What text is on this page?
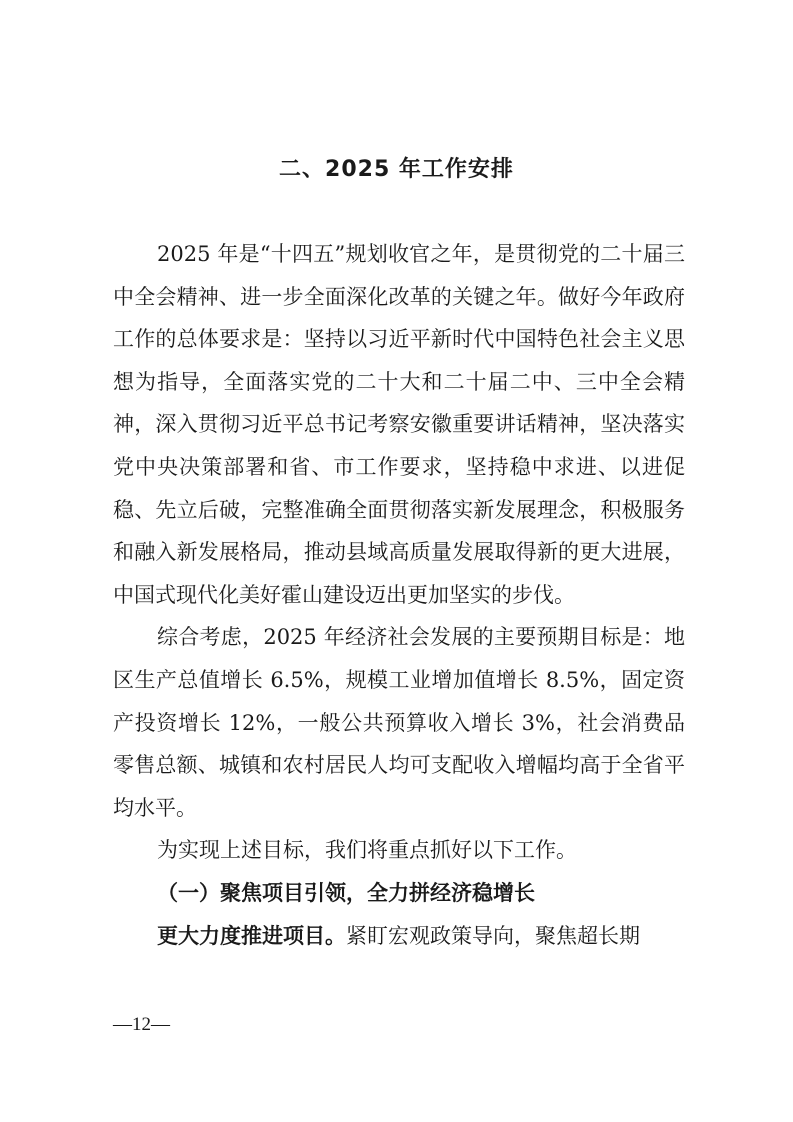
二、2025 年工作安排

2025 年是“十四五”规划收官之年，是贯彻党的二十届三中全会精神、进一步全面深化改革的关键之年。做好今年政府工作的总体要求是：坚持以习近平新时代中国特色社会主义思想为指导，全面落实党的二十大和二十届二中、三中全会精神，深入贯彻习近平总书记考察安徽重要讲话精神，坚决落实党中央决策部署和省、市工作要求，坚持稳中求进、以进促稳、先立后破，完整准确全面贯彻落实新发展理念，积极服务和融入新发展格局，推动县域高质量发展取得新的更大进展，中国式现代化美好霍山建设迈出更加坚实的步伐。

综合考虑，2025 年经济社会发展的主要预期目标是：地区生产总值增长 6.5%，规模工业增加值增长 8.5%，固定资产投资增长 12%，一般公共预算收入增长 3%，社会消费品零售总额、城镇和农村居民人均可支配收入增幅均高于全省平均水平。

为实现上述目标，我们将重点抓好以下工作。

（一）聚焦项目引领，全力拼经济稳增长

更大力度推进项目。紧盯宏观政策导向，聚焦超长期

—12—
